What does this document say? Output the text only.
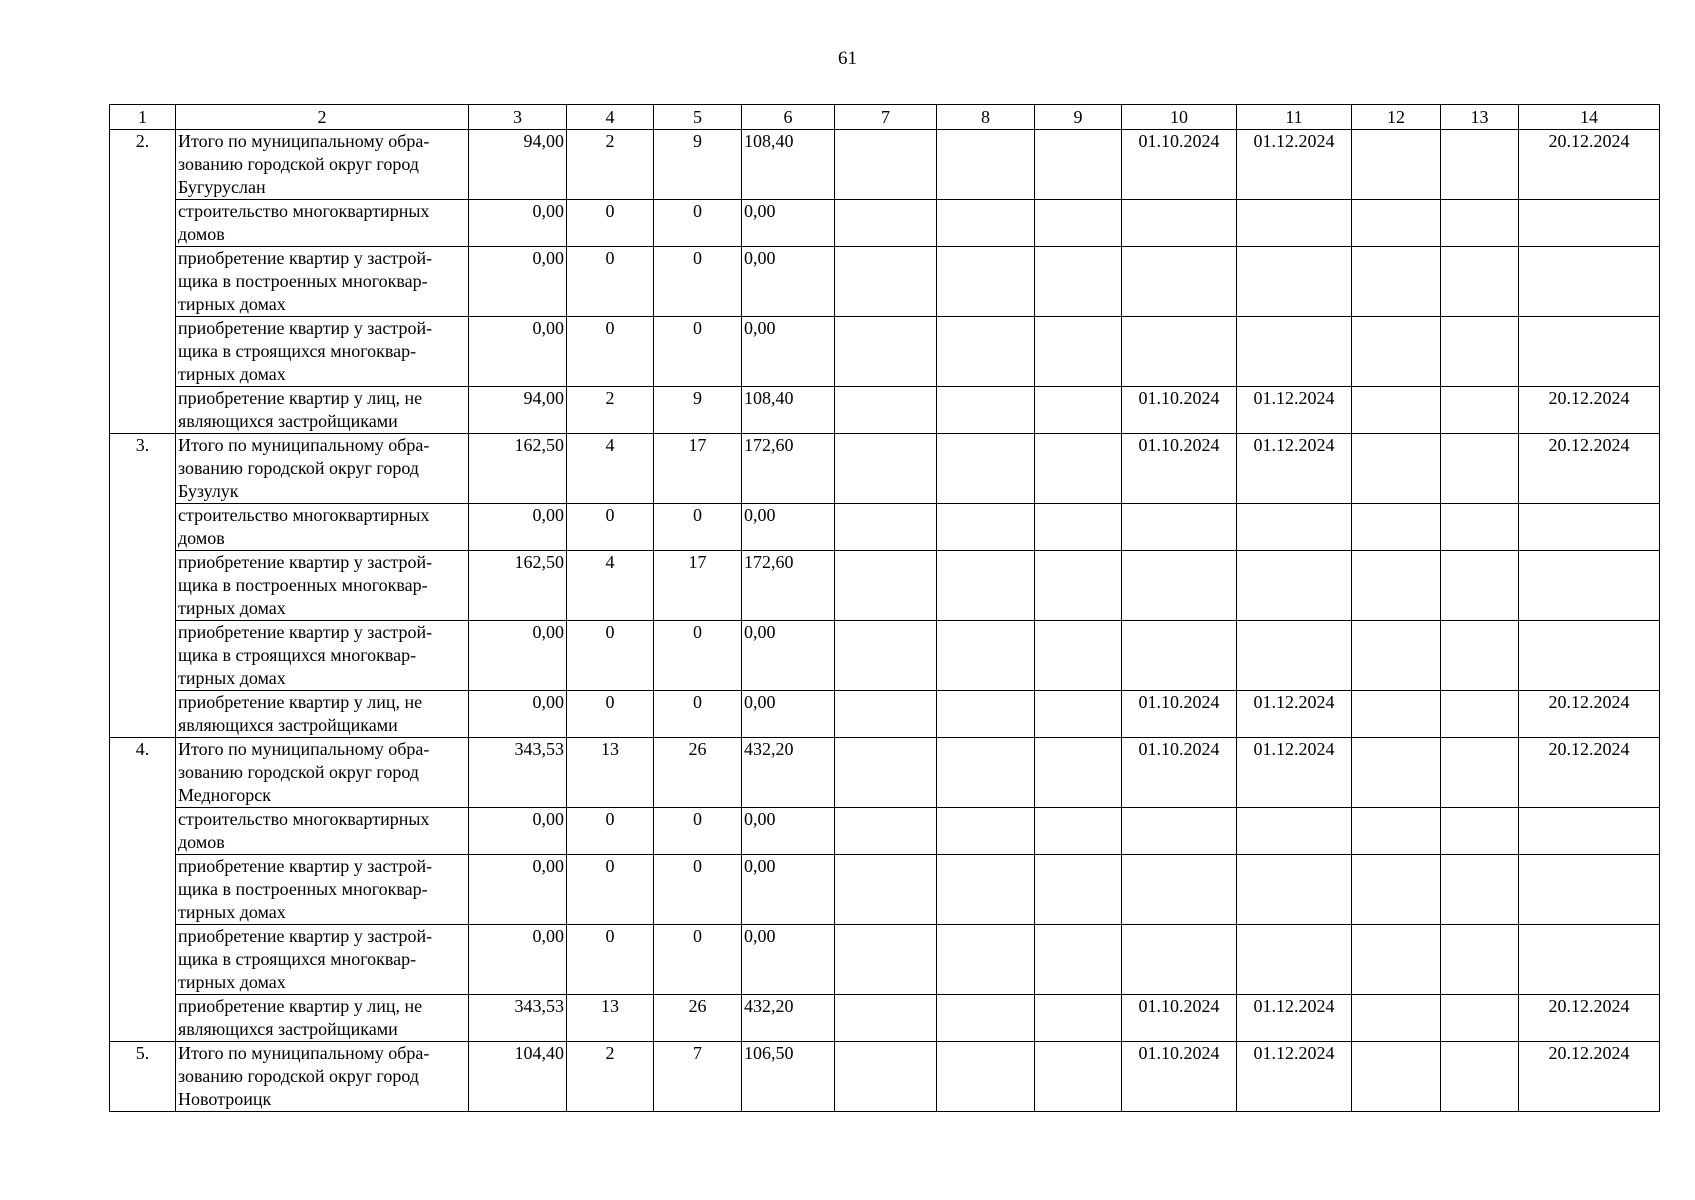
61
1	2	3	4	5	6	7	8	9	10	11	12	13	14
2.	Итого по муниципальному обра-
зованию городской округ город
Бугуруслан	94,00	2	9	108,40				01.10.2024	01.12.2024			20.12.2024

	строительство многоквартирных
домов	0,00	0	0	0,00								

	приобретение квартир у застрой-
щика в построенных многоквар-
тирных домах	0,00	0	0	0,00								

	приобретение квартир у застрой-
щика в строящихся многоквар-
тирных домах	0,00	0	0	0,00								

	приобретение квартир у лиц, не
являющихся застройщиками	94,00	2	9	108,40				01.10.2024	01.12.2024			20.12.2024
3.	Итого по муниципальному обра-
зованию городской округ город
Бузулук	162,50	4	17	172,60				01.10.2024	01.12.2024			20.12.2024

	строительство многоквартирных
домов	0,00	0	0	0,00								

	приобретение квартир у застрой-
щика в построенных многоквар-
тирных домах	162,50	4	17	172,60								

	приобретение квартир у застрой-
щика в строящихся многоквар-
тирных домах	0,00	0	0	0,00								

	приобретение квартир у лиц, не
являющихся застройщиками	0,00	0	0	0,00				01.10.2024	01.12.2024			20.12.2024
4.	Итого по муниципальному обра-
зованию городской округ город
Медногорск	343,53	13	26	432,20				01.10.2024	01.12.2024			20.12.2024

	строительство многоквартирных
домов	0,00	0	0	0,00								

	приобретение квартир у застрой-
щика в построенных многоквар-
тирных домах	0,00	0	0	0,00								

	приобретение квартир у застрой-
щика в строящихся многоквар-
тирных домах	0,00	0	0	0,00								

	приобретение квартир у лиц, не
являющихся застройщиками	343,53	13	26	432,20				01.10.2024	01.12.2024			20.12.2024
5.	Итого по муниципальному обра-
зованию городской округ город
Новотроицк	104,40	2	7	106,50				01.10.2024	01.12.2024			20.12.2024
